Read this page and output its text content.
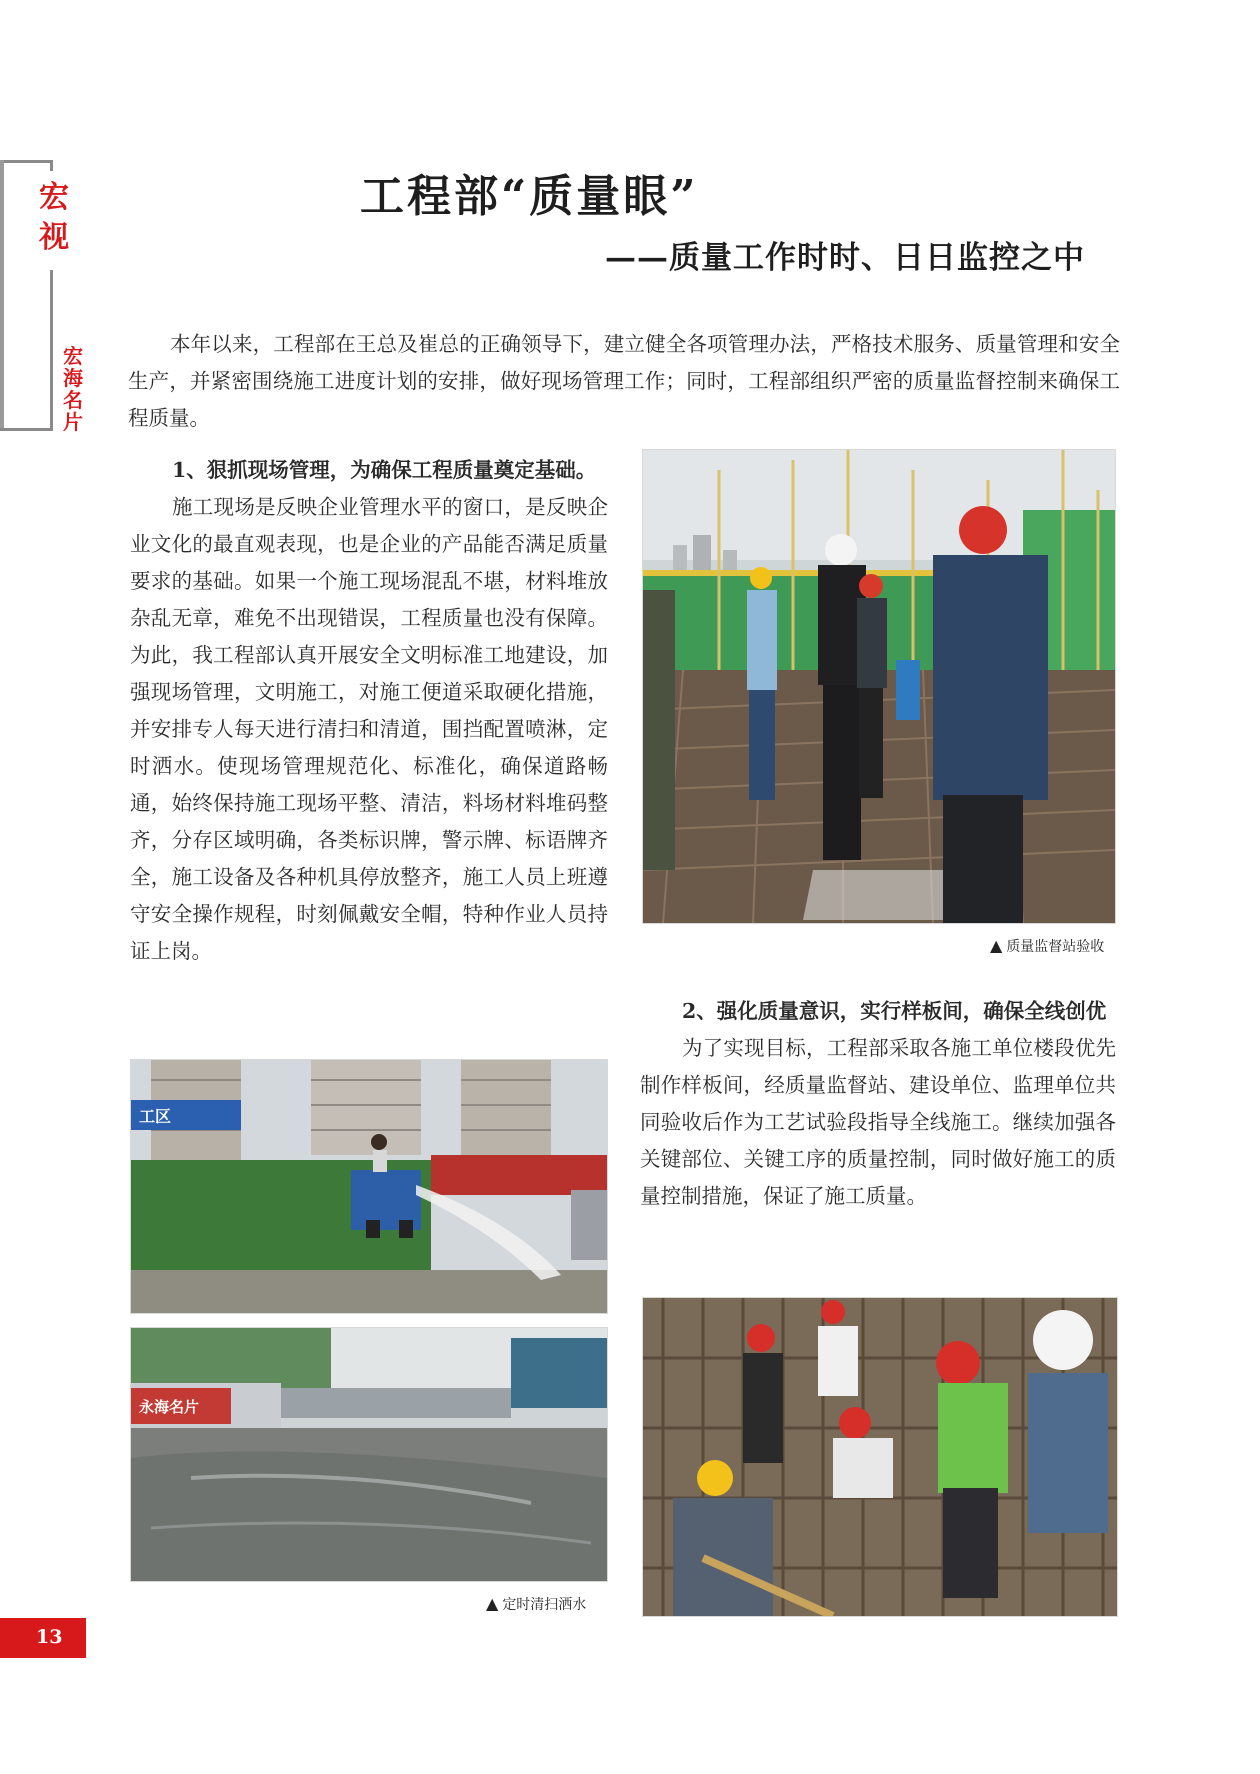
宏视
宏海名片
工程部“质量眼”
——质量工作时时、日日监控之中
本年以来，工程部在王总及崔总的正确领导下，建立健全各项管理办法，严格技术服务、质量管理和安全生产，并紧密围绕施工进度计划的安排，做好现场管理工作；同时，工程部组织严密的质量监督控制来确保工程质量。
1、狠抓现场管理，为确保工程质量奠定基础。

施工现场是反映企业管理水平的窗口，是反映企业文化的最直观表现，也是企业的产品能否满足质量要求的基础。如果一个施工现场混乱不堪，材料堆放杂乱无章，难免不出现错误，工程质量也没有保障。为此，我工程部认真开展安全文明标准工地建设，加强现场管理，文明施工，对施工便道采取硬化措施，并安排专人每天进行清扫和清道，围挡配置喷淋，定时洒水。使现场管理规范化、标准化，确保道路畅通，始终保持施工现场平整、清洁，料场材料堆码整齐，分存区域明确，各类标识牌，警示牌、标语牌齐全，施工设备及各种机具停放整齐，施工人员上班遵守安全操作规程，时刻佩戴安全帽，特种作业人员持证上岗。

2、强化质量意识，实行样板间，确保全线创优

为了实现目标，工程部采取各施工单位楼段优先制作样板间，经质量监督站、建设单位、监理单位共同验收后作为工艺试验段指导全线施工。继续加强各关键部位、关键工序的质量控制，同时做好施工的质量控制措施，保证了施工质量。

▲ 质量监督站验收
工区
永海名片
▲ 定时清扫洒水
13
